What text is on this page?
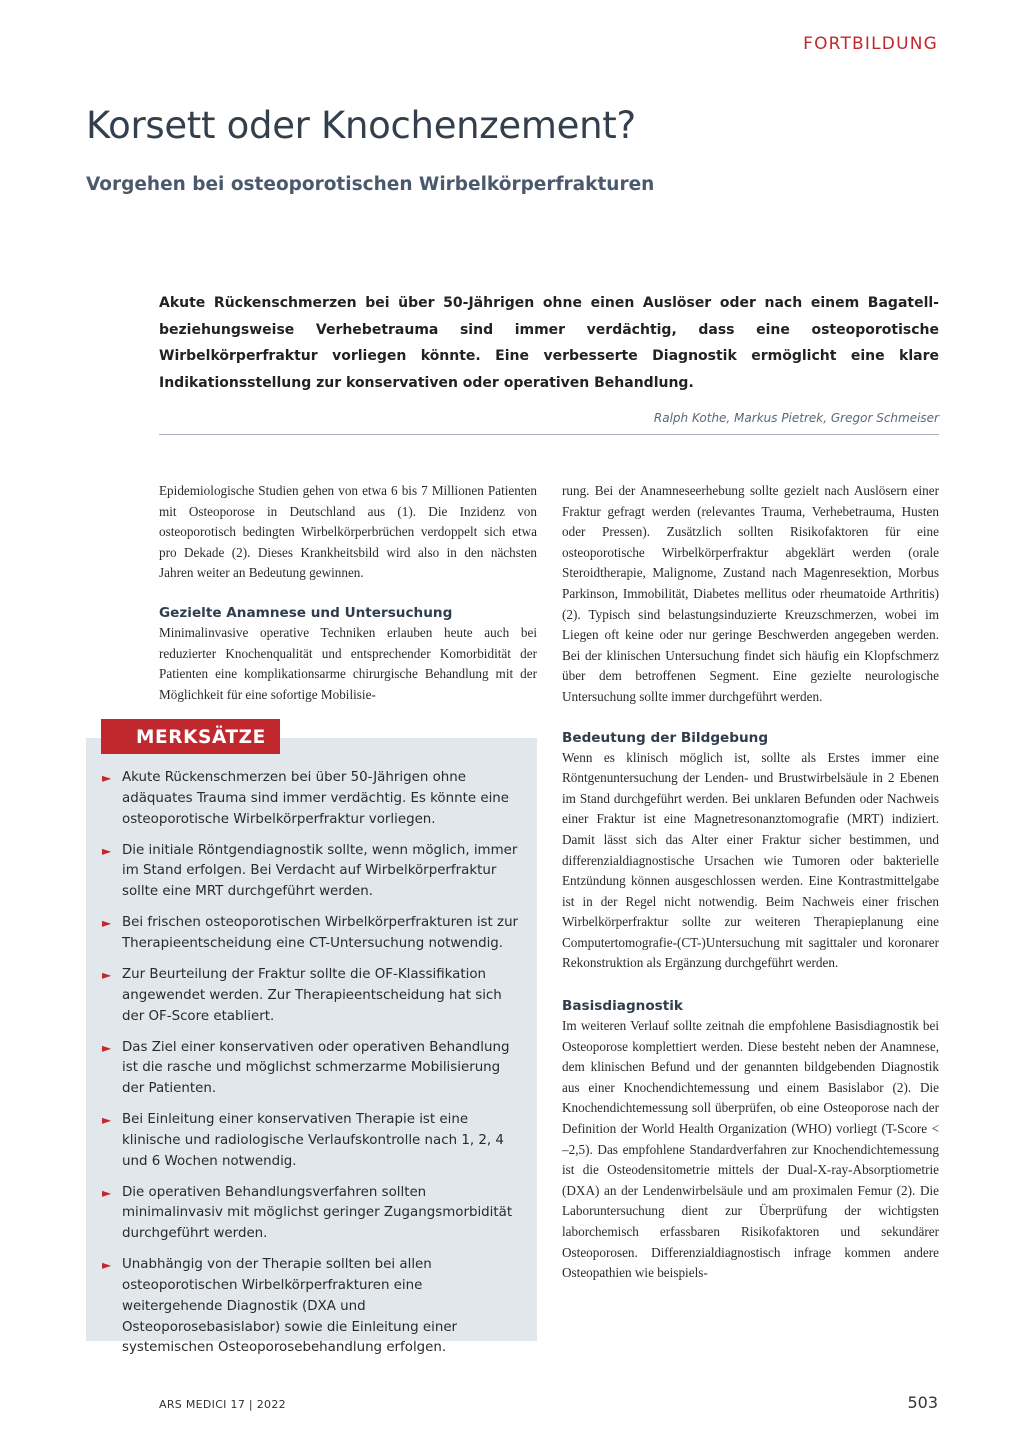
FORTBILDUNG
Korsett oder Knochenzement?
Vorgehen bei osteoporotischen Wirbelkörperfrakturen

Akute Rückenschmerzen bei über 50-Jährigen ohne einen Auslöser oder nach einem Bagatell- beziehungsweise Verhebetrauma sind immer verdächtig, dass eine osteoporotische Wirbelkörperfraktur vorliegen könnte. Eine verbesserte Diagnostik ermöglicht eine klare Indikationsstellung zur konservativen oder operativen Behandlung.

Ralph Kothe, Markus Pietrek, Gregor Schmeiser

Epidemiologische Studien gehen von etwa 6 bis 7 Millionen Patienten mit Osteoporose in Deutschland aus (1). Die Inzidenz von osteoporotisch bedingten Wirbelkörperbrüchen verdoppelt sich etwa pro Dekade (2). Dieses Krankheitsbild wird also in den nächsten Jahren weiter an Bedeutung gewinnen.

Gezielte Anamnese und Untersuchung

Minimalinvasive operative Techniken erlauben heute auch bei reduzierter Knochenqualität und entsprechender Komorbidität der Patienten eine komplikationsarme chirurgische Behandlung mit der Möglichkeit für eine sofortige Mobilisie-

MERKSÄTZE
► Akute Rückenschmerzen bei über 50-Jährigen ohne adäquates Trauma sind immer verdächtig. Es könnte eine osteoporotische Wirbelkörperfraktur vorliegen.
► Die initiale Röntgendiagnostik sollte, wenn möglich, immer im Stand erfolgen. Bei Verdacht auf Wirbelkörperfraktur sollte eine MRT durchgeführt werden.
► Bei frischen osteoporotischen Wirbelkörperfrakturen ist zur Therapieentscheidung eine CT-Untersuchung notwendig.
► Zur Beurteilung der Fraktur sollte die OF-Klassifikation angewendet werden. Zur Therapieentscheidung hat sich der OF-Score etabliert.
► Das Ziel einer konservativen oder operativen Behandlung ist die rasche und möglichst schmerzarme Mobilisierung der Patienten.
► Bei Einleitung einer konservativen Therapie ist eine klinische und radiologische Verlaufskontrolle nach 1, 2, 4 und 6 Wochen notwendig.
► Die operativen Behandlungsverfahren sollten minimalinvasiv mit möglichst geringer Zugangsmorbidität durchgeführt werden.
► Unabhängig von der Therapie sollten bei allen osteoporotischen Wirbelkörperfrakturen eine weitergehende Diagnostik (DXA und Osteoporosebasislabor) sowie die Einleitung einer systemischen Osteoporosebehandlung erfolgen.

rung. Bei der Anamneseerhebung sollte gezielt nach Auslösern einer Fraktur gefragt werden (relevantes Trauma, Verhebetrauma, Husten oder Pressen). Zusätzlich sollten Risikofaktoren für eine osteoporotische Wirbelkörperfraktur abgeklärt werden (orale Steroidtherapie, Malignome, Zustand nach Magenresektion, Morbus Parkinson, Immobilität, Diabetes mellitus oder rheumatoide Arthritis) (2). Typisch sind belastungsinduzierte Kreuzschmerzen, wobei im Liegen oft keine oder nur geringe Beschwerden angegeben werden. Bei der klinischen Untersuchung findet sich häufig ein Klopfschmerz über dem betroffenen Segment. Eine gezielte neurologische Untersuchung sollte immer durchgeführt werden.

Bedeutung der Bildgebung

Wenn es klinisch möglich ist, sollte als Erstes immer eine Röntgenuntersuchung der Lenden- und Brustwirbelsäule in 2 Ebenen im Stand durchgeführt werden. Bei unklaren Befunden oder Nachweis einer Fraktur ist eine Magnetresonanztomografie (MRT) indiziert. Damit lässt sich das Alter einer Fraktur sicher bestimmen, und differenzialdiagnostische Ursachen wie Tumoren oder bakterielle Entzündung können ausgeschlossen werden. Eine Kontrastmittelgabe ist in der Regel nicht notwendig. Beim Nachweis einer frischen Wirbelkörperfraktur sollte zur weiteren Therapieplanung eine Computertomografie-(CT-)Untersuchung mit sagittaler und koronarer Rekonstruktion als Ergänzung durchgeführt werden.

Basisdiagnostik

Im weiteren Verlauf sollte zeitnah die empfohlene Basisdiagnostik bei Osteoporose komplettiert werden. Diese besteht neben der Anamnese, dem klinischen Befund und der genannten bildgebenden Diagnostik aus einer Knochendichtemessung und einem Basislabor (2). Die Knochendichtemessung soll überprüfen, ob eine Osteoporose nach der Definition der World Health Organization (WHO) vorliegt (T-Score < –2,5). Das empfohlene Standardverfahren zur Knochendichtemessung ist die Osteodensitometrie mittels der Dual-X-ray-Absorptiometrie (DXA) an der Lendenwirbelsäule und am proximalen Femur (2). Die Laboruntersuchung dient zur Überprüfung der wichtigsten laborchemisch erfassbaren Risikofaktoren und sekundärer Osteoporosen. Differenzialdiagnostisch infrage kommen andere Osteopathien wie beispiels-

ARS MEDICI 17 | 2022	503
